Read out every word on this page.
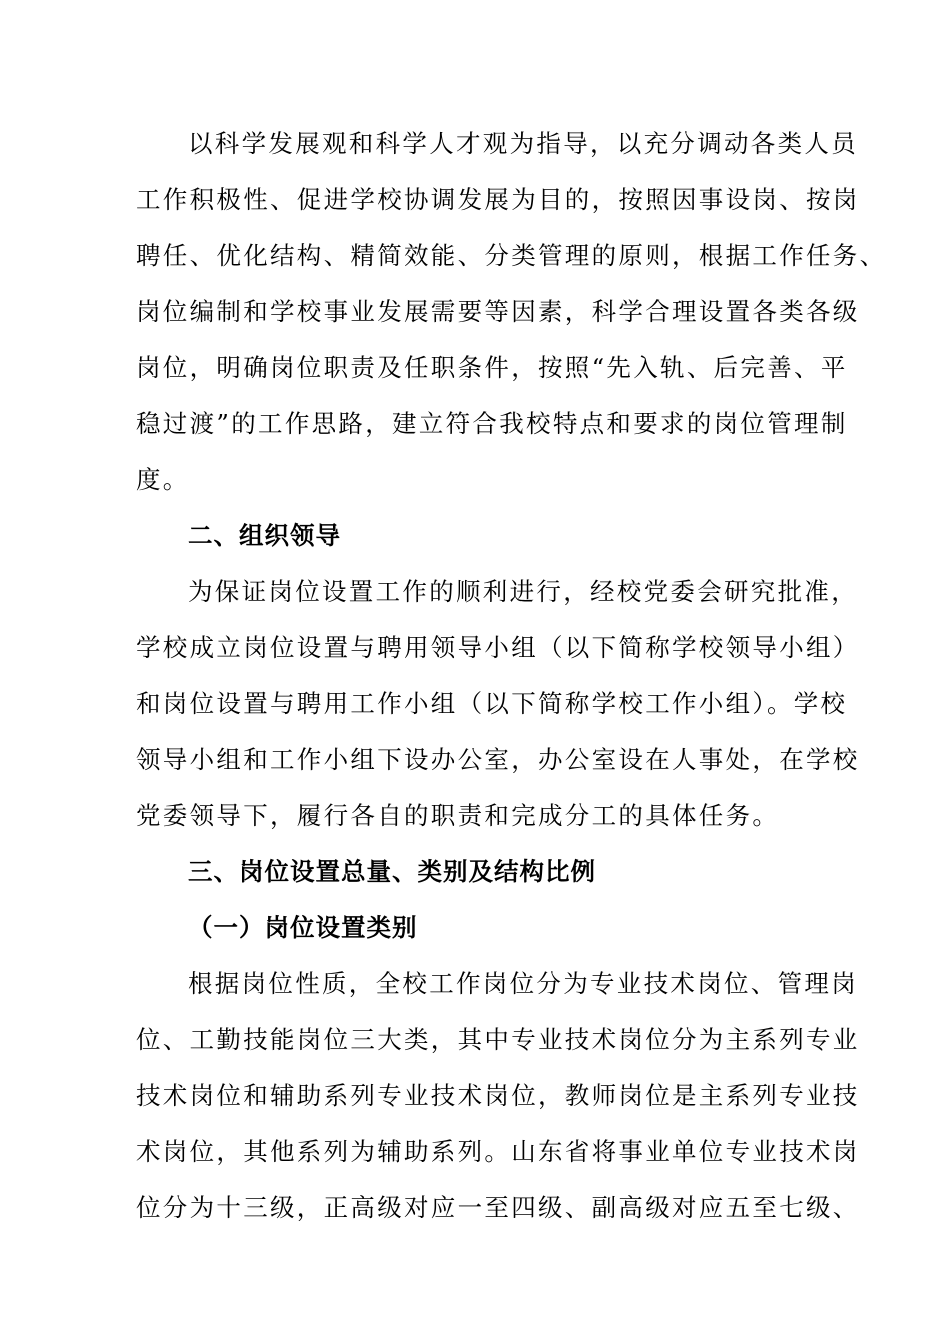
以科学发展观和科学人才观为指导，以充分调动各类人员
工作积极性、促进学校协调发展为目的，按照因事设岗、按岗
聘任、优化结构、精简效能、分类管理的原则，根据工作任务、
岗位编制和学校事业发展需要等因素，科学合理设置各类各级
岗位，明确岗位职责及任职条件，按照“先入轨、后完善、平
稳过渡”的工作思路，建立符合我校特点和要求的岗位管理制
度。
二、组织领导
为保证岗位设置工作的顺利进行，经校党委会研究批准，
学校成立岗位设置与聘用领导小组（以下简称学校领导小组）
和岗位设置与聘用工作小组（以下简称学校工作小组）。学校
领导小组和工作小组下设办公室，办公室设在人事处，在学校
党委领导下，履行各自的职责和完成分工的具体任务。
三、岗位设置总量、类别及结构比例
（一）岗位设置类别
根据岗位性质，全校工作岗位分为专业技术岗位、管理岗
位、工勤技能岗位三大类，其中专业技术岗位分为主系列专业
技术岗位和辅助系列专业技术岗位，教师岗位是主系列专业技
术岗位，其他系列为辅助系列。山东省将事业单位专业技术岗
位分为十三级，正高级对应一至四级、副高级对应五至七级、
